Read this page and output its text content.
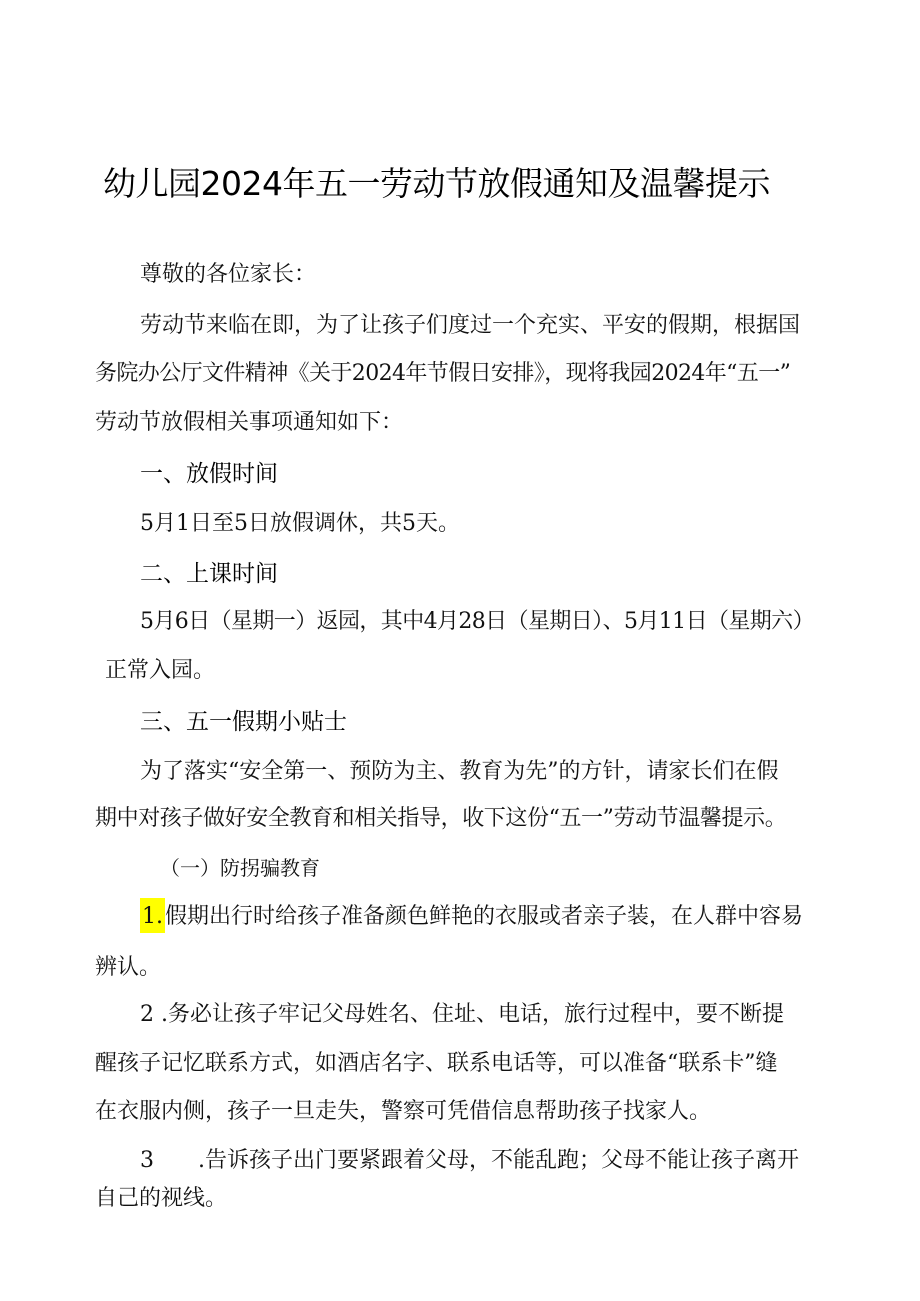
幼儿园2024年五一劳动节放假通知及温馨提示
尊敬的各位家长：
劳动节来临在即，为了让孩子们度过一个充实、平安的假期，根据国
务院办公厅文件精神《关于2024年节假日安排》，现将我园2024年“五一”
劳动节放假相关事项通知如下：
一、放假时间
5月1日至5日放假调休，共5天。
二、上课时间
5月6日（星期一）返园，其中4月28日（星期日）、5月11日（星期六）
正常入园。
三、五一假期小贴士
为了落实“安全第一、预防为主、教育为先”的方针，请家长们在假
期中对孩子做好安全教育和相关指导，收下这份“五一”劳动节温馨提示。
（一）防拐骗教育
1.假期出行时给孩子准备颜色鲜艳的衣服或者亲子装，在人群中容易
辨认。
2 .务必让孩子牢记父母姓名、住址、电话，旅行过程中，要不断提
醒孩子记忆联系方式，如酒店名字、联系电话等，可以准备“联系卡”缝
在衣服内侧，孩子一旦走失，警察可凭借信息帮助孩子找家人。
3 .告诉孩子出门要紧跟着父母，不能乱跑；父母不能让孩子离开
自己的视线。
